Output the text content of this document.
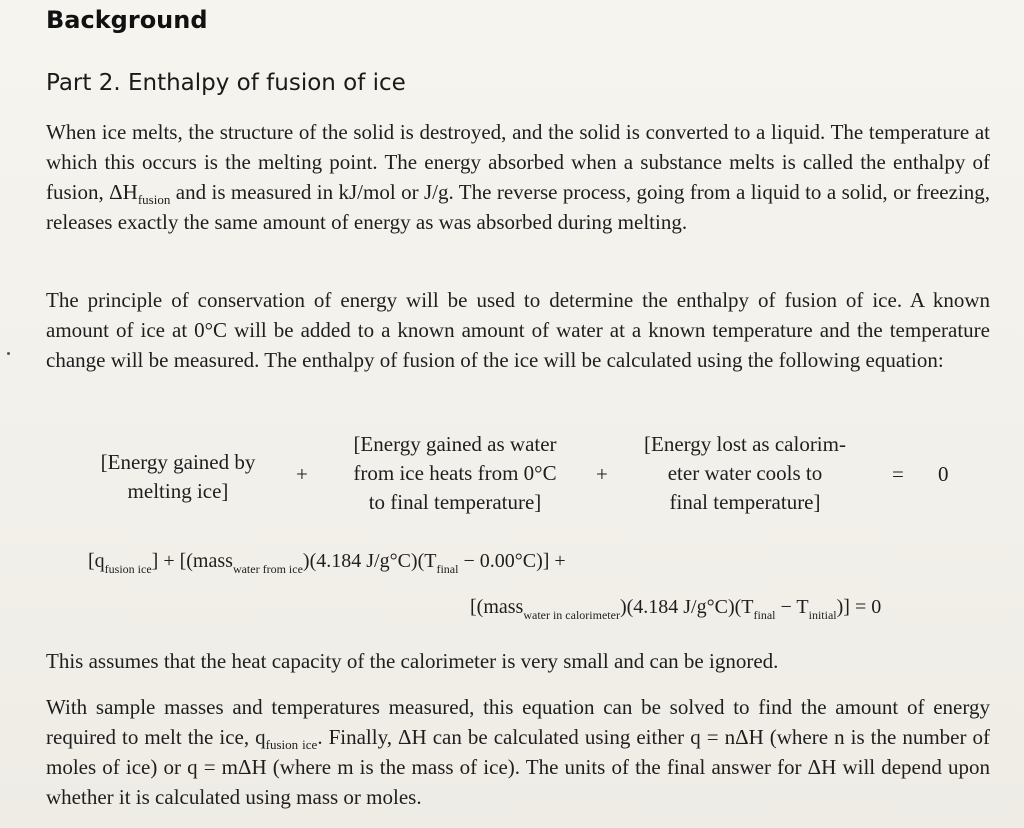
Background
Part 2. Enthalpy of fusion of ice
When ice melts, the structure of the solid is destroyed, and the solid is converted to a liquid. The temperature at which this occurs is the melting point. The energy absorbed when a substance melts is called the enthalpy of fusion, $\Delta H_{fusion}$ and is measured in kJ/mol or J/g. The reverse process, going from a liquid to a solid, or freezing, releases exactly the same amount of energy as was absorbed during melting.
The principle of conservation of energy will be used to determine the enthalpy of fusion of ice. A known amount of ice at 0°C will be added to a known amount of water at a known temperature and the temperature change will be measured. The enthalpy of fusion of the ice will be calculated using the following equation:
[Energy gained by
melting ice]
+
[Energy gained as water
from ice heats from 0°C
to final temperature]
+
[Energy lost as calorim-
eter water cools to
final temperature]
= 0
$[q_{fusion ice}]$ + [(mass$_{water from ice}$)(4.184 $J/g^\circ C)(T_{final} - 0.00^\circ C)$] +
[(mass$_{water in calorimeter}$)(4.184 $J/g^\circ C)(T_{final} - T_{initial})] = 0$
This assumes that the heat capacity of the calorimeter is very small and can be ignored.
With sample masses and temperatures measured, this equation can be solved to find the amount of energy required to melt the ice, $q_{fusion ice}$. Finally, ΔH can be calculated using either q = nΔH (where n is the number of moles of ice) or q = mΔH (where m is the mass of ice). The units of the final answer for ΔH will depend upon whether it is calculated using mass or moles.
